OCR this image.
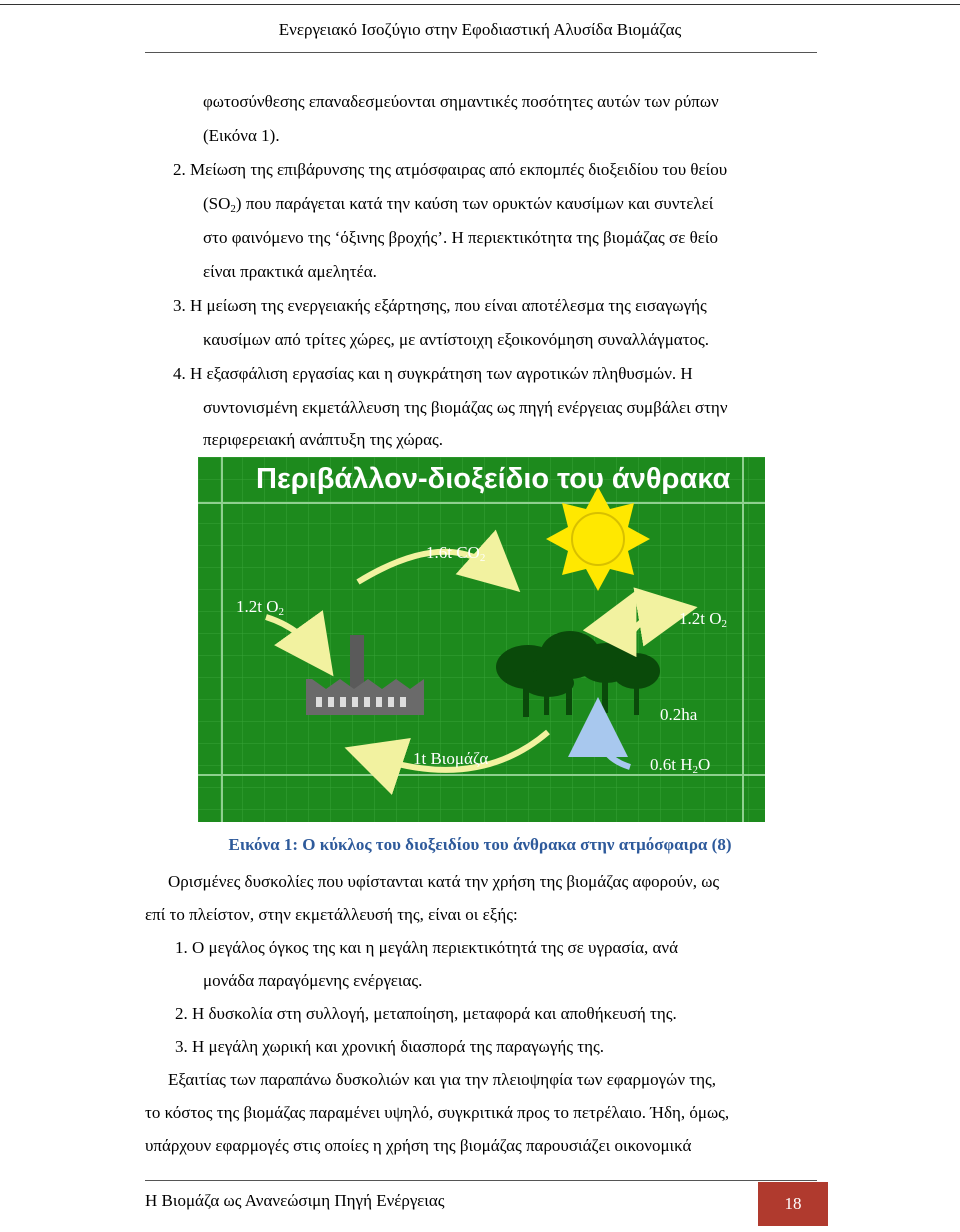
Ενεργειακό Ισοζύγιο στην Εφοδιαστική Αλυσίδα Βιομάζας
φωτοσύνθεσης επαναδεσμεύονται σημαντικές ποσότητες αυτών των ρύπων
(Εικόνα 1).
2. Μείωση της επιβάρυνσης της ατμόσφαιρας από εκπομπές διοξειδίου του θείου
$(SO_2)$ που παράγεται κατά την καύση των ορυκτών καυσίμων και συντελεί
στο φαινόμενο της ‘όξινης βροχής’. Η περιεκτικότητα της βιομάζας σε θείο
είναι πρακτικά αμελητέα.
3. Η μείωση της ενεργειακής εξάρτησης, που είναι αποτέλεσμα της εισαγωγής
καυσίμων από τρίτες χώρες, με αντίστοιχη εξοικονόμηση συναλλάγματος.
4. Η εξασφάλιση εργασίας και η συγκράτηση των αγροτικών πληθυσμών. Η
συντονισμένη εκμετάλλευση της βιομάζας ως πηγή ενέργειας συμβάλει στην
περιφερειακή ανάπτυξη της χώρας.
Περιβάλλον-διοξείδιο του άνθρακα
1.6t CO2
1.2t O2	1.2t O2
0.2ha
1t Βιομάζα	0.6t H2O
Εικόνα 1: Ο κύκλος του διοξειδίου του άνθρακα στην ατμόσφαιρα (8)
Ορισμένες δυσκολίες που υφίστανται κατά την χρήση της βιομάζας αφορούν, ως
επί το πλείστον, στην εκμετάλλευσή της, είναι οι εξής:
1. Ο μεγάλος όγκος της και η μεγάλη περιεκτικότητά της σε υγρασία, ανά
μονάδα παραγόμενης ενέργειας.
2. Η δυσκολία στη συλλογή, μεταποίηση, μεταφορά και αποθήκευσή της.
3. Η μεγάλη χωρική και χρονική διασπορά της παραγωγής της.
Εξαιτίας των παραπάνω δυσκολιών και για την πλειοψηφία των εφαρμογών της,
το κόστος της βιομάζας παραμένει υψηλό, συγκριτικά προς το πετρέλαιο. Ήδη, όμως,
υπάρχουν εφαρμογές στις οποίες η χρήση της βιομάζας παρουσιάζει οικονομικά
Η Βιομάζα ως Ανανεώσιμη Πηγή Ενέργειας	18
